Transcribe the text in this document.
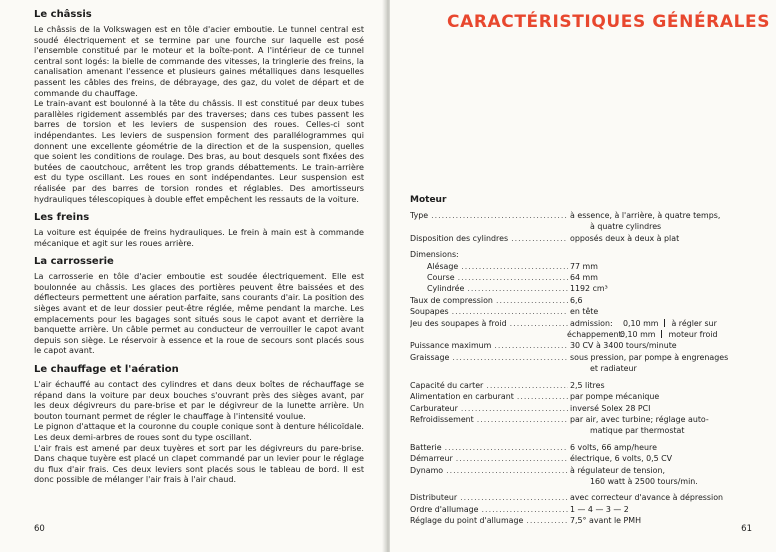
Le châssis

Le châssis de la Volkswagen est en tôle d'acier emboutie. Le tunnel central est soudé électriquement et se termine par une fourche sur laquelle est posé l'ensemble constitué par le moteur et la boîte-pont. A l'intérieur de ce tunnel central sont logés: la bielle de commande des vitesses, la tringlerie des freins, la canalisation amenant l'essence et plusieurs gaines métalliques dans lesquelles passent les câbles des freins, de débrayage, des gaz, du volet de départ et de commande du chauffage.

Le train-avant est boulonné à la tête du châssis. Il est constitué par deux tubes parallèles rigidement assemblés par des traverses; dans ces tubes passent les barres de torsion et les leviers de suspension des roues. Celles-ci sont indépendantes. Les leviers de suspension forment des parallélogrammes qui donnent une excellente géométrie de la direction et de la suspension, quelles que soient les conditions de roulage. Des bras, au bout desquels sont fixées des butées de caoutchouc, arrêtent les trop grands débattements. Le train-arrière est du type oscillant. Les roues en sont indépendantes. Leur suspension est réalisée par des barres de torsion rondes et réglables. Des amortisseurs hydrauliques télescopiques à double effet empêchent les ressauts de la voiture.

Les freins

La voiture est équipée de freins hydrauliques. Le frein à main est à commande mécanique et agit sur les roues arrière.

La carrosserie

La carrosserie en tôle d'acier emboutie est soudée électriquement. Elle est boulonnée au châssis. Les glaces des portières peuvent être baissées et des déflecteurs permettent une aération parfaite, sans courants d'air. La position des sièges avant et de leur dossier peut-être réglée, même pendant la marche. Les emplacements pour les bagages sont situés sous le capot avant et derrière la banquette arrière. Un câble permet au conducteur de verrouiller le capot avant depuis son siège. Le réservoir à essence et la roue de secours sont placés sous le capot avant.

Le chauffage et l'aération

L'air échauffé au contact des cylindres et dans deux boîtes de réchauffage se répand dans la voiture par deux bouches s'ouvrant près des sièges avant, par les deux dégivreurs du pare-brise et par le dégivreur de la lunette arrière. Un bouton tournant permet de régler le chauffage à l'intensité voulue.

Le pignon d'attaque et la couronne du couple conique sont à denture hélicoïdale. Les deux demi-arbres de roues sont du type oscillant.

L'air frais est amené par deux tuyères et sort par les dégivreurs du pare-brise. Dans chaque tuyère est placé un clapet commandé par un levier pour le réglage du flux d'air frais. Ces deux leviers sont placés sous le tableau de bord. Il est donc possible de mélanger l'air frais à l'air chaud.

60
CARACTÉRISTIQUES GÉNÉRALES
Moteur
Type .....	à essence, à l'arrière, à quatre temps,
à quatre cylindres
Disposition des cylindres .....	opposés deux à deux à plat
Dimensions:
Alésage .....	77 mm
Course .....	64 mm
Cylindrée .....	1192 cm³
Taux de compression .....	6,6
Soupapes .....	en tête
Jeu des soupapes à froid .....	admission: 0,10 mm à régler sur
échappement:0,10 mm moteur froid
Puissance maximum .....	30 CV à 3400 tours/minute
Graissage .....	sous pression, par pompe à engrenages
et radiateur
Capacité du carter .....	2,5 litres
Alimentation en carburant .....	par pompe mécanique
Carburateur .....	inversé Solex 28 PCI
Refroidissement .....	par air, avec turbine; réglage auto-
matique par thermostat
Batterie .....	6 volts, 66 amp/heure
Démarreur .....	électrique, 6 volts, 0,5 CV
Dynamo .....	à régulateur de tension,
160 watt à 2500 tours/min.
Distributeur .....	avec correcteur d'avance à dépression
Ordre d'allumage .....	1 — 4 — 3 — 2
Réglage du point d'allumage .....	7,5° avant le PMH
61
